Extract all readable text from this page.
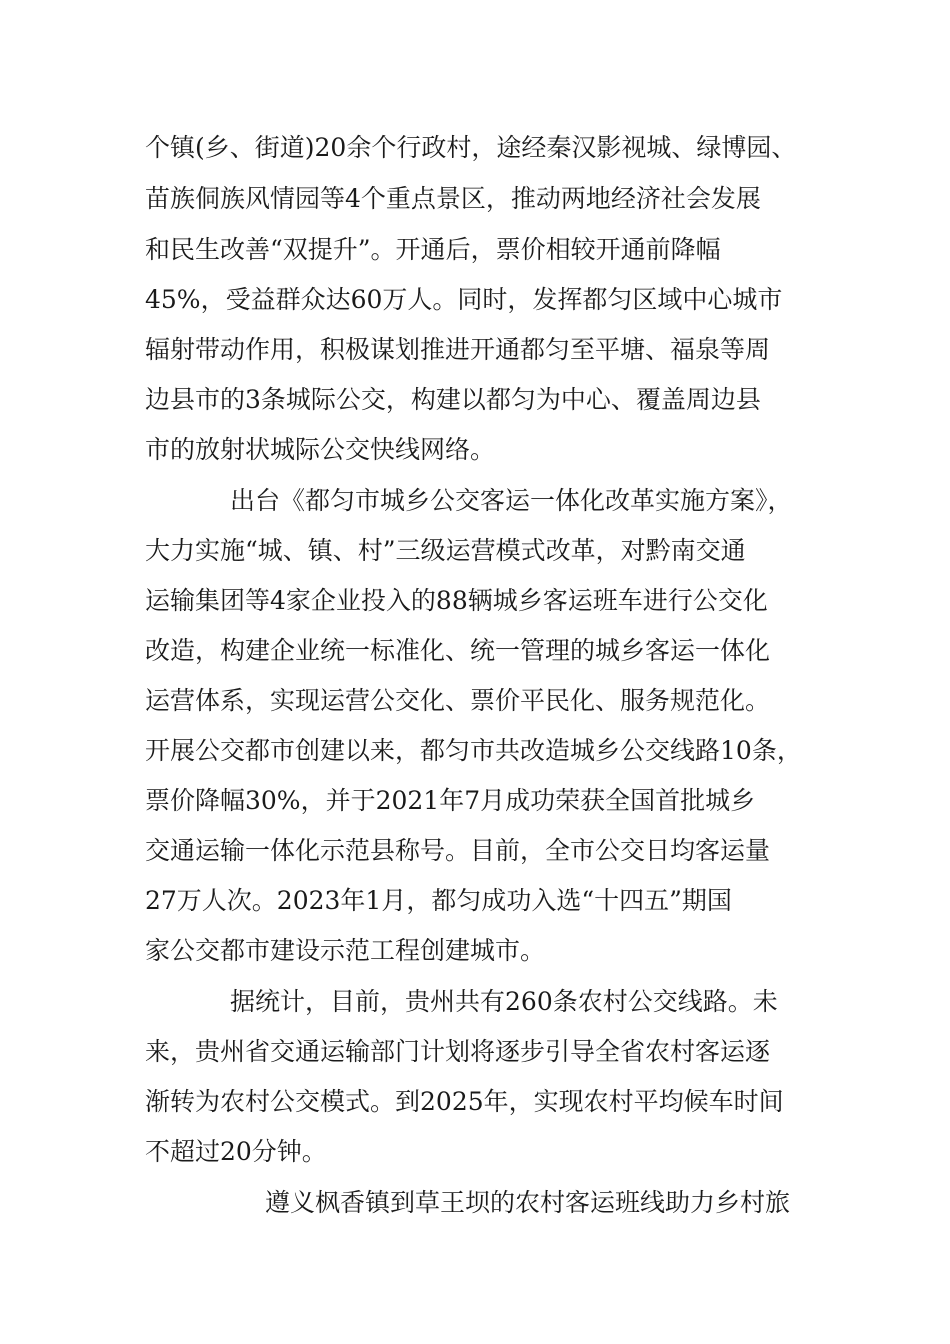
个镇(乡、街道)20余个行政村，途经秦汉影视城、绿博园、
苗族侗族风情园等4个重点景区，推动两地经济社会发展
和民生改善“双提升”。开通后，票价相较开通前降幅
45%，受益群众达60万人。同时，发挥都匀区域中心城市
辐射带动作用，积极谋划推进开通都匀至平塘、福泉等周
边县市的3条城际公交，构建以都匀为中心、覆盖周边县
市的放射状城际公交快线网络。
出台《都匀市城乡公交客运一体化改革实施方案》，
大力实施“城、镇、村”三级运营模式改革，对黔南交通
运输集团等4家企业投入的88辆城乡客运班车进行公交化
改造，构建企业统一标准化、统一管理的城乡客运一体化
运营体系，实现运营公交化、票价平民化、服务规范化。
开展公交都市创建以来，都匀市共改造城乡公交线路10条，
票价降幅30%，并于2021年7月成功荣获全国首批城乡
交通运输一体化示范县称号。目前，全市公交日均客运量
27万人次。2023年1月，都匀成功入选“十四五”期国
家公交都市建设示范工程创建城市。
据统计，目前，贵州共有260条农村公交线路。未
来，贵州省交通运输部门计划将逐步引导全省农村客运逐
渐转为农村公交模式。到2025年，实现农村平均候车时间
不超过20分钟。
遵义枫香镇到草王坝的农村客运班线助力乡村旅
